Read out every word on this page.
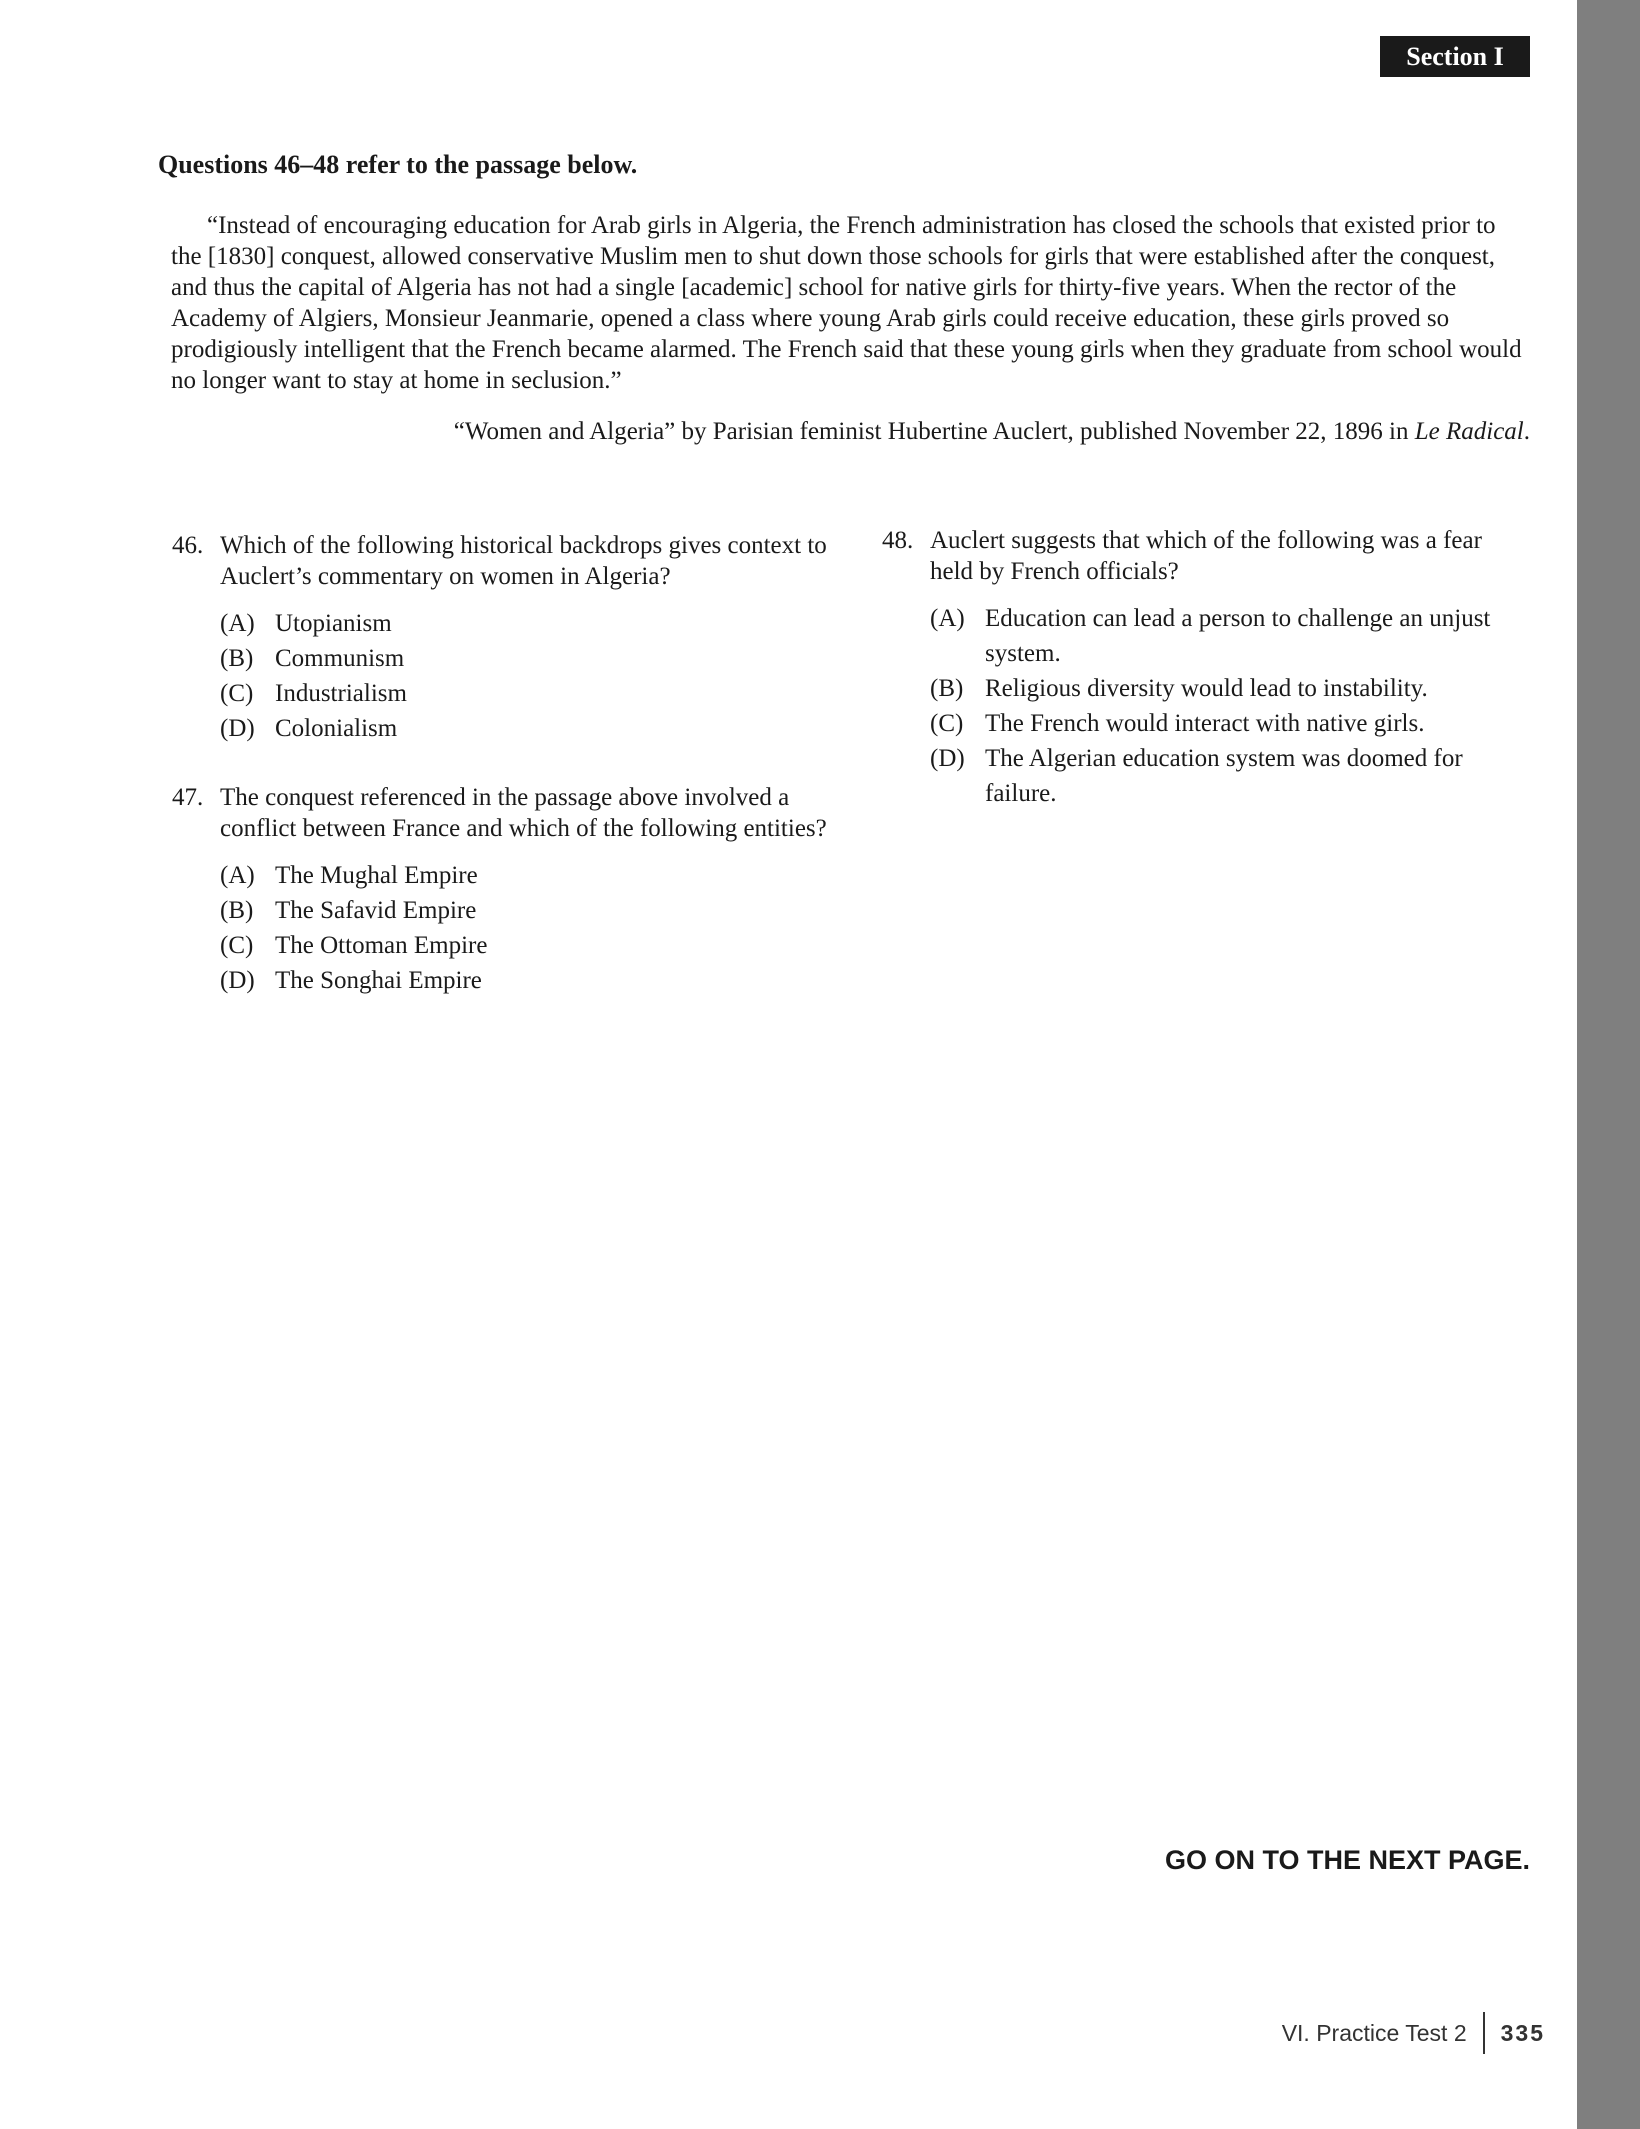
Section I
Questions 46–48 refer to the passage below.
“Instead of encouraging education for Arab girls in Algeria, the French administration has closed the schools that existed prior to the [1830] conquest, allowed conservative Muslim men to shut down those schools for girls that were established after the conquest, and thus the capital of Algeria has not had a single [academic] school for native girls for thirty-five years. When the rector of the Academy of Algiers, Monsieur Jeanmarie, opened a class where young Arab girls could receive education, these girls proved so prodigiously intelligent that the French became alarmed. The French said that these young girls when they graduate from school would no longer want to stay at home in seclusion.”
“Women and Algeria” by Parisian feminist Hubertine Auclert, published November 22, 1896 in Le Radical.
46. Which of the following historical backdrops gives context to Auclert’s commentary on women in Algeria?
(A) Utopianism
(B) Communism
(C) Industrialism
(D) Colonialism
47. The conquest referenced in the passage above involved a conflict between France and which of the following entities?
(A) The Mughal Empire
(B) The Safavid Empire
(C) The Ottoman Empire
(D) The Songhai Empire
48. Auclert suggests that which of the following was a fear held by French officials?
(A) Education can lead a person to challenge an unjust system.
(B) Religious diversity would lead to instability.
(C) The French would interact with native girls.
(D) The Algerian education system was doomed for failure.
GO ON TO THE NEXT PAGE.
VI. Practice Test 2 335
